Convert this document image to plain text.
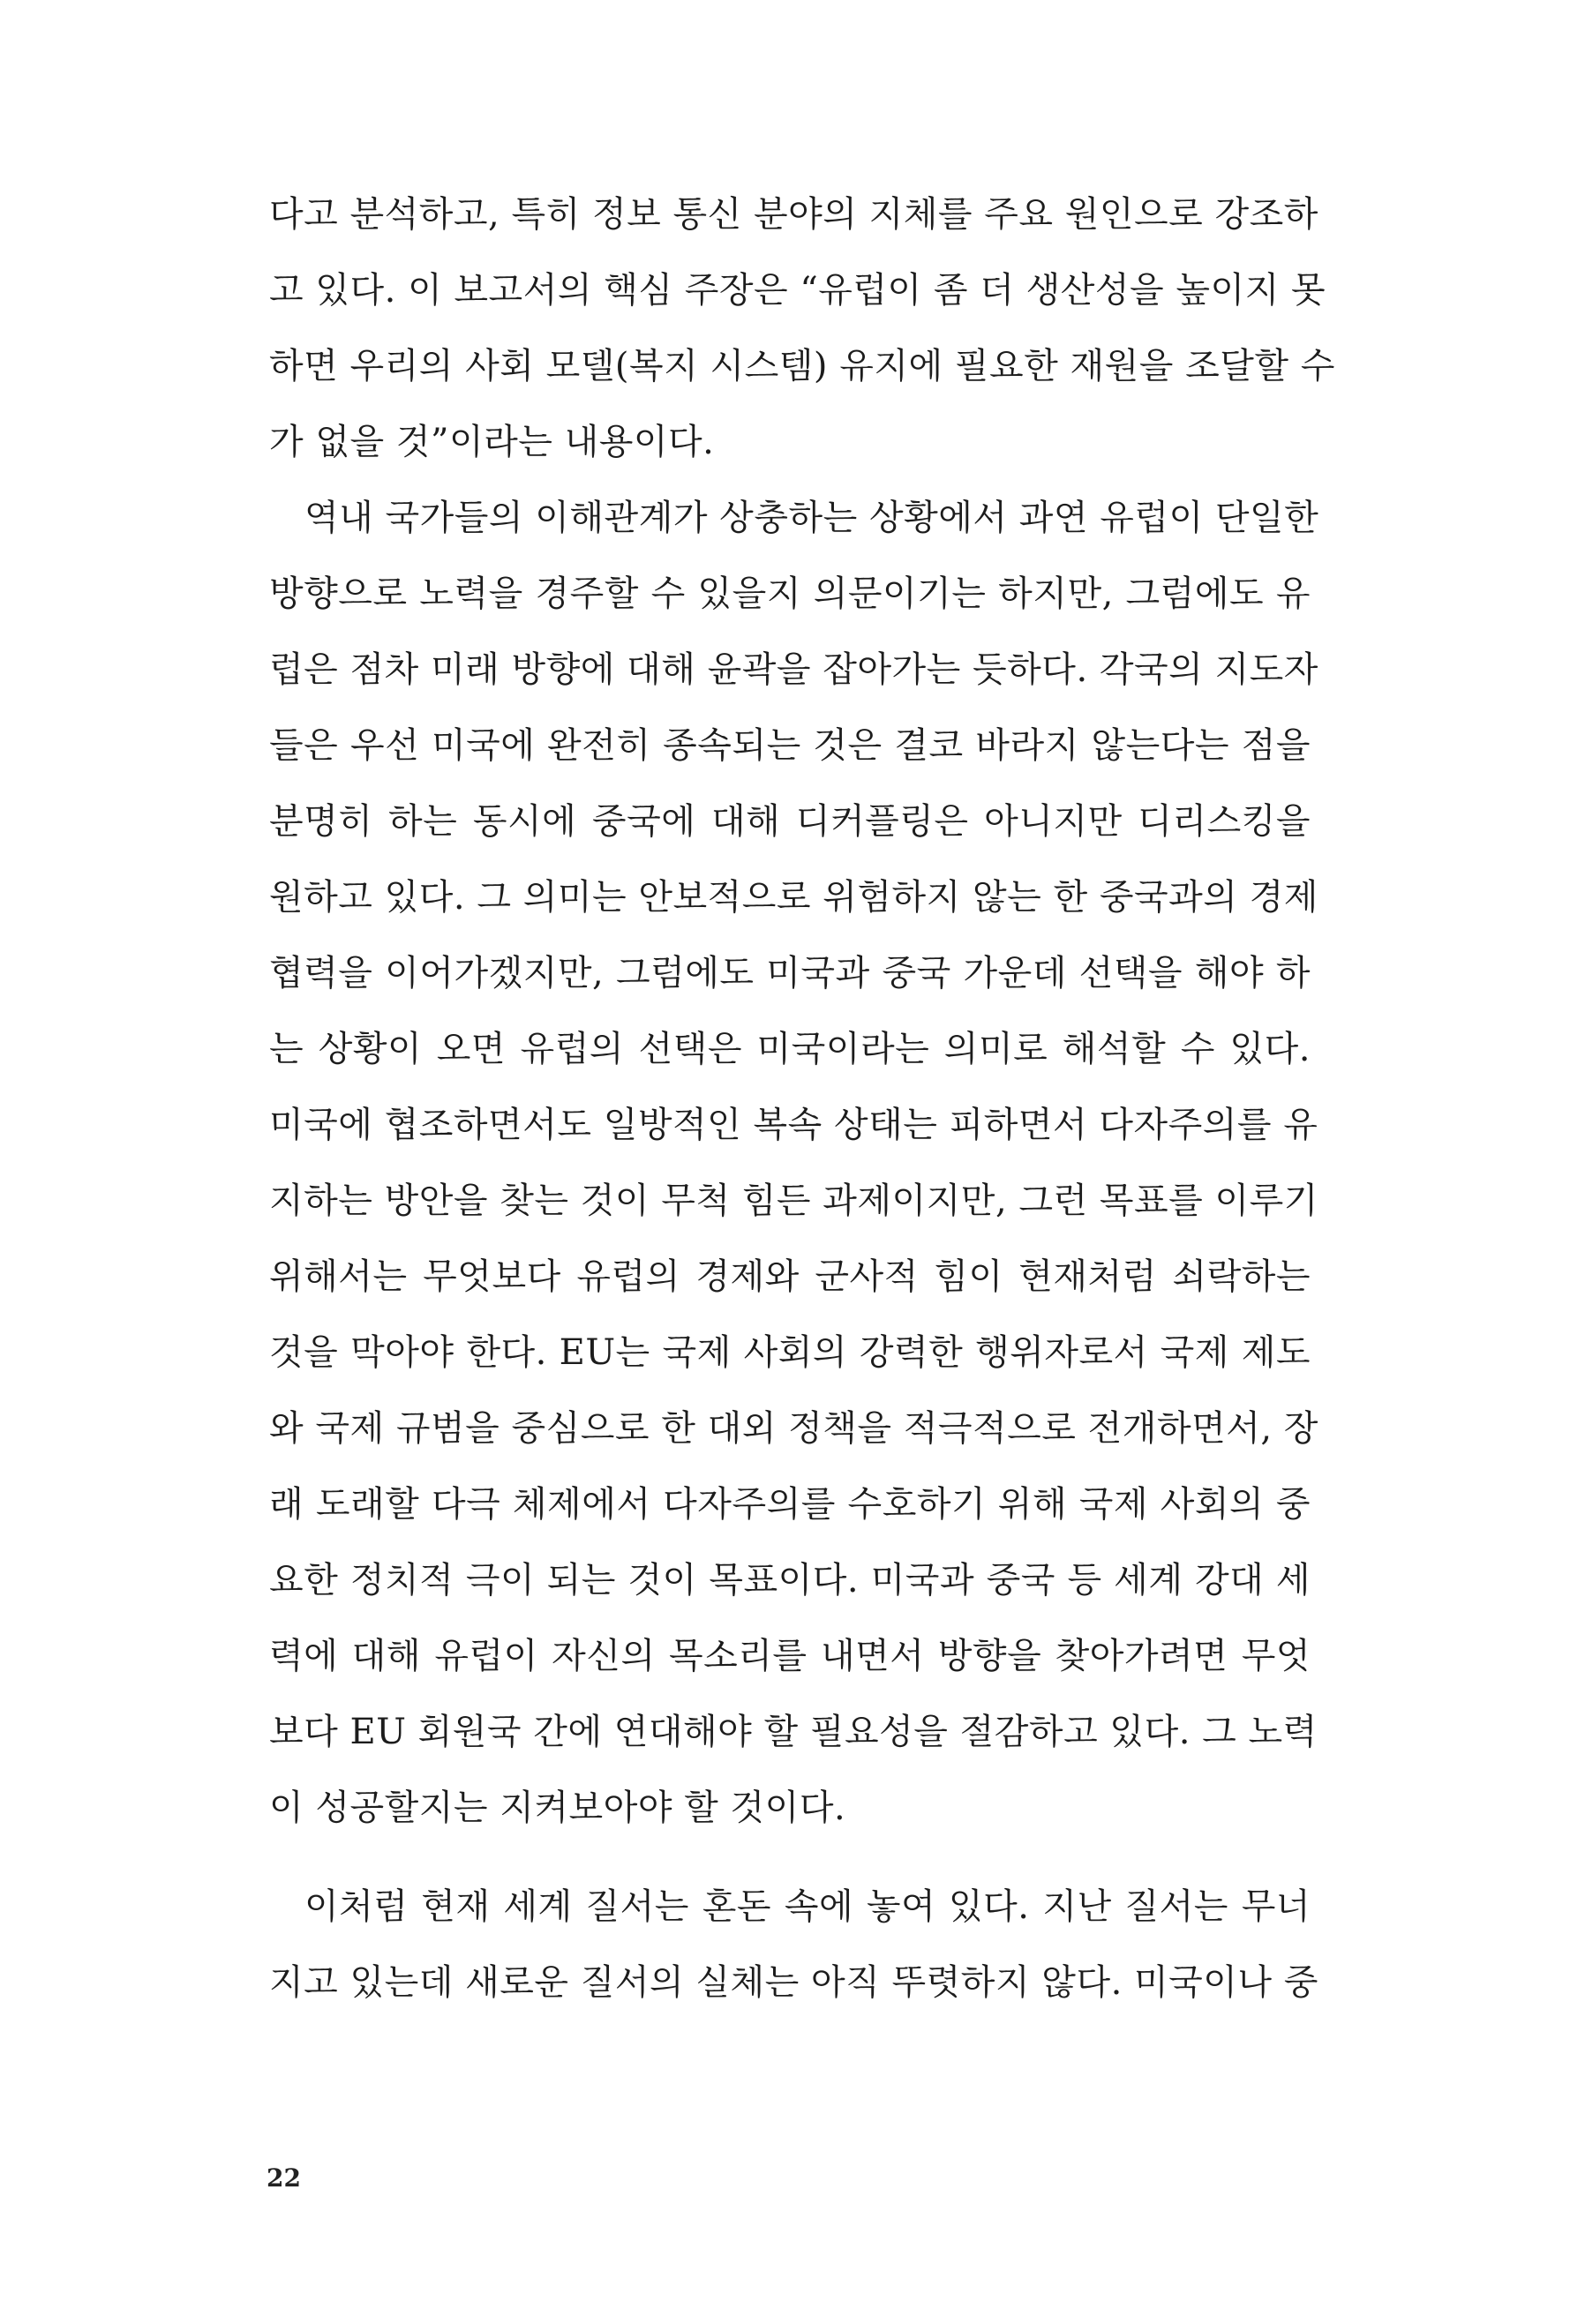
다고 분석하고, 특히 정보 통신 분야의 지체를 주요 원인으로 강조하
고 있다. 이 보고서의 핵심 주장은 “유럽이 좀 더 생산성을 높이지 못
하면 우리의 사회 모델(복지 시스템) 유지에 필요한 재원을 조달할 수
가 없을 것”이라는 내용이다.
역내 국가들의 이해관계가 상충하는 상황에서 과연 유럽이 단일한
방향으로 노력을 경주할 수 있을지 의문이기는 하지만, 그럼에도 유
럽은 점차 미래 방향에 대해 윤곽을 잡아가는 듯하다. 각국의 지도자
들은 우선 미국에 완전히 종속되는 것은 결코 바라지 않는다는 점을
분명히 하는 동시에 중국에 대해 디커플링은 아니지만 디리스킹을
원하고 있다. 그 의미는 안보적으로 위험하지 않는 한 중국과의 경제
협력을 이어가겠지만, 그럼에도 미국과 중국 가운데 선택을 해야 하
는 상황이 오면 유럽의 선택은 미국이라는 의미로 해석할 수 있다.
미국에 협조하면서도 일방적인 복속 상태는 피하면서 다자주의를 유
지하는 방안을 찾는 것이 무척 힘든 과제이지만, 그런 목표를 이루기
위해서는 무엇보다 유럽의 경제와 군사적 힘이 현재처럼 쇠락하는
것을 막아야 한다. EU는 국제 사회의 강력한 행위자로서 국제 제도
와 국제 규범을 중심으로 한 대외 정책을 적극적으로 전개하면서, 장
래 도래할 다극 체제에서 다자주의를 수호하기 위해 국제 사회의 중
요한 정치적 극이 되는 것이 목표이다. 미국과 중국 등 세계 강대 세
력에 대해 유럽이 자신의 목소리를 내면서 방향을 찾아가려면 무엇
보다 EU 회원국 간에 연대해야 할 필요성을 절감하고 있다. 그 노력
이 성공할지는 지켜보아야 할 것이다.
이처럼 현재 세계 질서는 혼돈 속에 놓여 있다. 지난 질서는 무너
지고 있는데 새로운 질서의 실체는 아직 뚜렷하지 않다. 미국이나 중
22
